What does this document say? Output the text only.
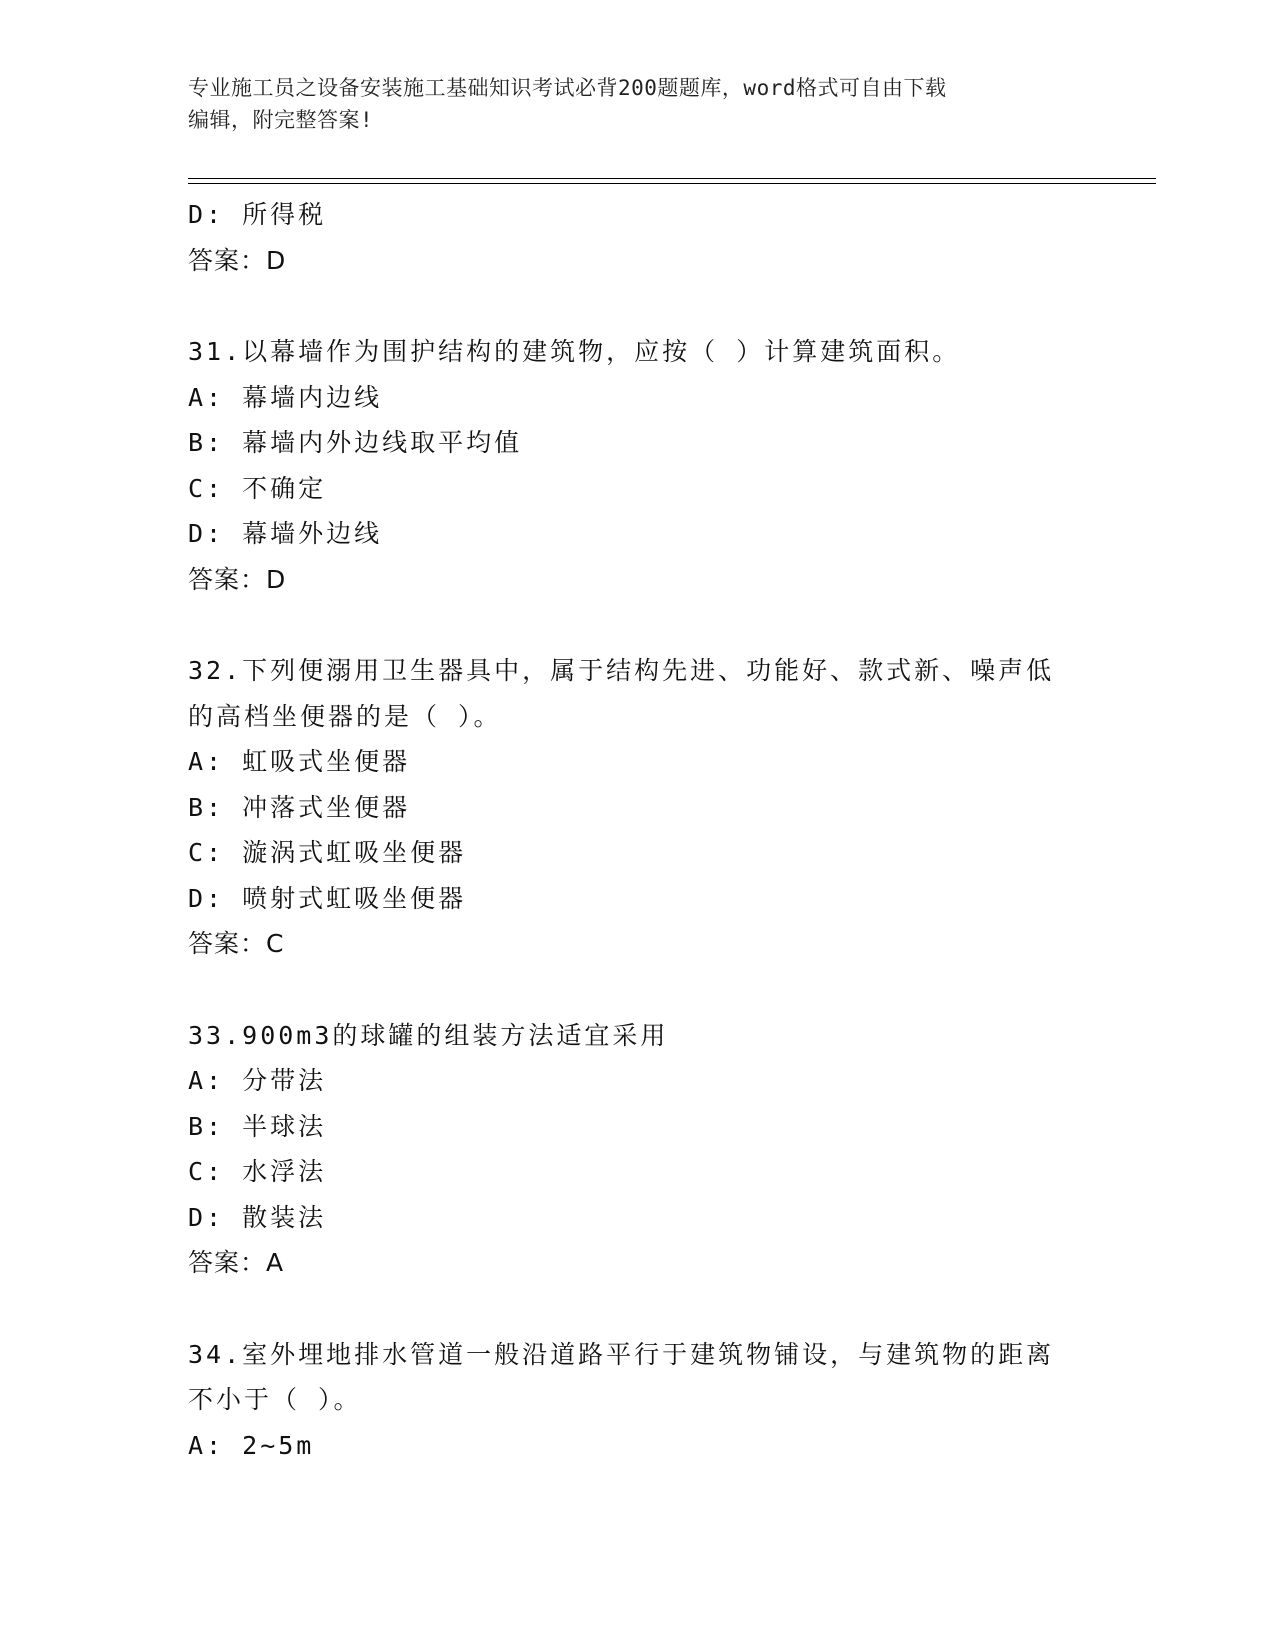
专业施工员之设备安装施工基础知识考试必背200题题库，word格式可自由下载
编辑，附完整答案!
D: 所得税
答案：D
31.以幕墙作为围护结构的建筑物，应按（ ）计算建筑面积。
A: 幕墙内边线
B: 幕墙内外边线取平均值
C: 不确定
D: 幕墙外边线
答案：D
32.下列便溺用卫生器具中，属于结构先进、功能好、款式新、噪声低
的高档坐便器的是（ ）。
A: 虹吸式坐便器
B: 冲落式坐便器
C: 漩涡式虹吸坐便器
D: 喷射式虹吸坐便器
答案：C
33.900m3的球罐的组装方法适宜采用
A: 分带法
B: 半球法
C: 水浮法
D: 散装法
答案：A
34.室外埋地排水管道一般沿道路平行于建筑物铺设，与建筑物的距离
不小于（ ）。
A: 2~5m
